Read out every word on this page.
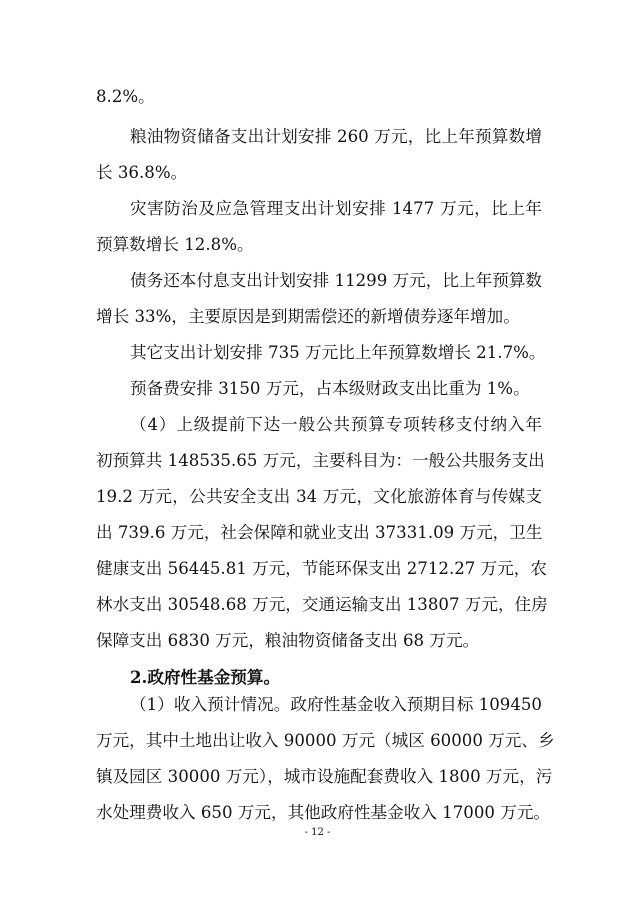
8.2%。
粮油物资储备支出计划安排 260 万元，比上年预算数增
长 36.8%。
灾害防治及应急管理支出计划安排 1477 万元，比上年
预算数增长 12.8%。
债务还本付息支出计划安排 11299 万元，比上年预算数
增长 33%，主要原因是到期需偿还的新增债券逐年增加。
其它支出计划安排 735 万元比上年预算数增长 21.7%。
预备费安排 3150 万元，占本级财政支出比重为 1%。
（4）上级提前下达一般公共预算专项转移支付纳入年
初预算共 148535.65 万元，主要科目为：一般公共服务支出
19.2 万元，公共安全支出 34 万元，文化旅游体育与传媒支
出 739.6 万元，社会保障和就业支出 37331.09 万元，卫生
健康支出 56445.81 万元，节能环保支出 2712.27 万元，农
林水支出 30548.68 万元，交通运输支出 13807 万元，住房
保障支出 6830 万元，粮油物资储备支出 68 万元。
2.政府性基金预算。
（1）收入预计情况。政府性基金收入预期目标 109450
万元，其中土地出让收入 90000 万元（城区 60000 万元、乡
镇及园区 30000 万元），城市设施配套费收入 1800 万元，污
水处理费收入 650 万元，其他政府性基金收入 17000 万元。
- 12 -
